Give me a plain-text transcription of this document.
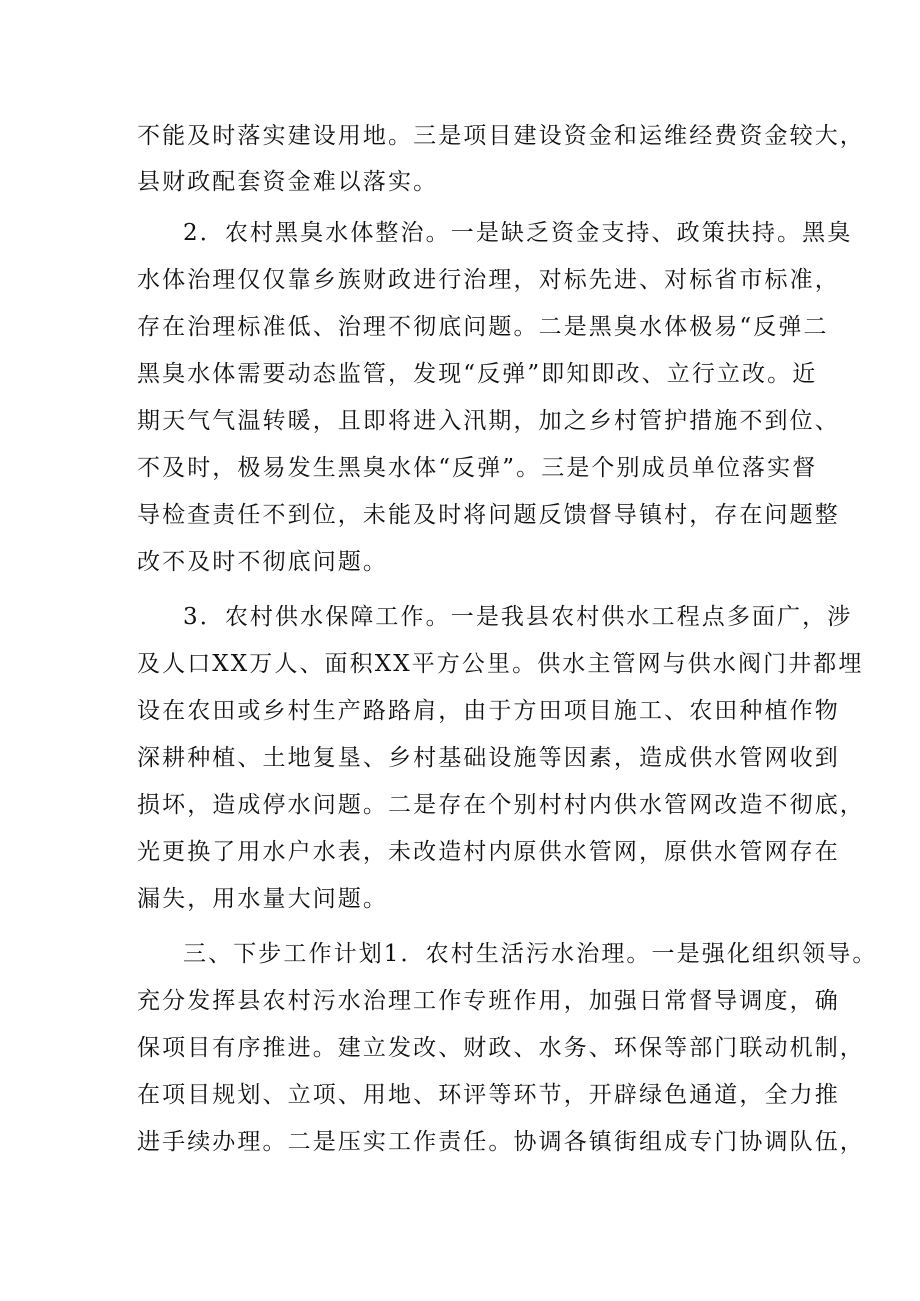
不能及时落实建设用地。三是项目建设资金和运维经费资金较大，
县财政配套资金难以落实。
2．农村黑臭水体整治。一是缺乏资金支持、政策扶持。黑臭
水体治理仅仅靠乡族财政进行治理，对标先进、对标省市标准，
存在治理标准低、治理不彻底问题。二是黑臭水体极易“反弹二
黑臭水体需要动态监管，发现“反弹”即知即改、立行立改。近
期天气气温转暖，且即将进入汛期，加之乡村管护措施不到位、
不及时，极易发生黑臭水体“反弹”。三是个别成员单位落实督
导检查责任不到位，未能及时将问题反馈督导镇村，存在问题整
改不及时不彻底问题。
3．农村供水保障工作。一是我县农村供水工程点多面广，涉
及人口XX万人、面积XX平方公里。供水主管网与供水阀门井都埋
设在农田或乡村生产路路肩，由于方田项目施工、农田种植作物
深耕种植、土地复垦、乡村基础设施等因素，造成供水管网收到
损坏，造成停水问题。二是存在个别村村内供水管网改造不彻底，
光更换了用水户水表，未改造村内原供水管网，原供水管网存在
漏失，用水量大问题。
三、下步工作计划1．农村生活污水治理。一是强化组织领导。
充分发挥县农村污水治理工作专班作用，加强日常督导调度，确
保项目有序推进。建立发改、财政、水务、环保等部门联动机制，
在项目规划、立项、用地、环评等环节，开辟绿色通道，全力推
进手续办理。二是压实工作责任。协调各镇街组成专门协调队伍，
